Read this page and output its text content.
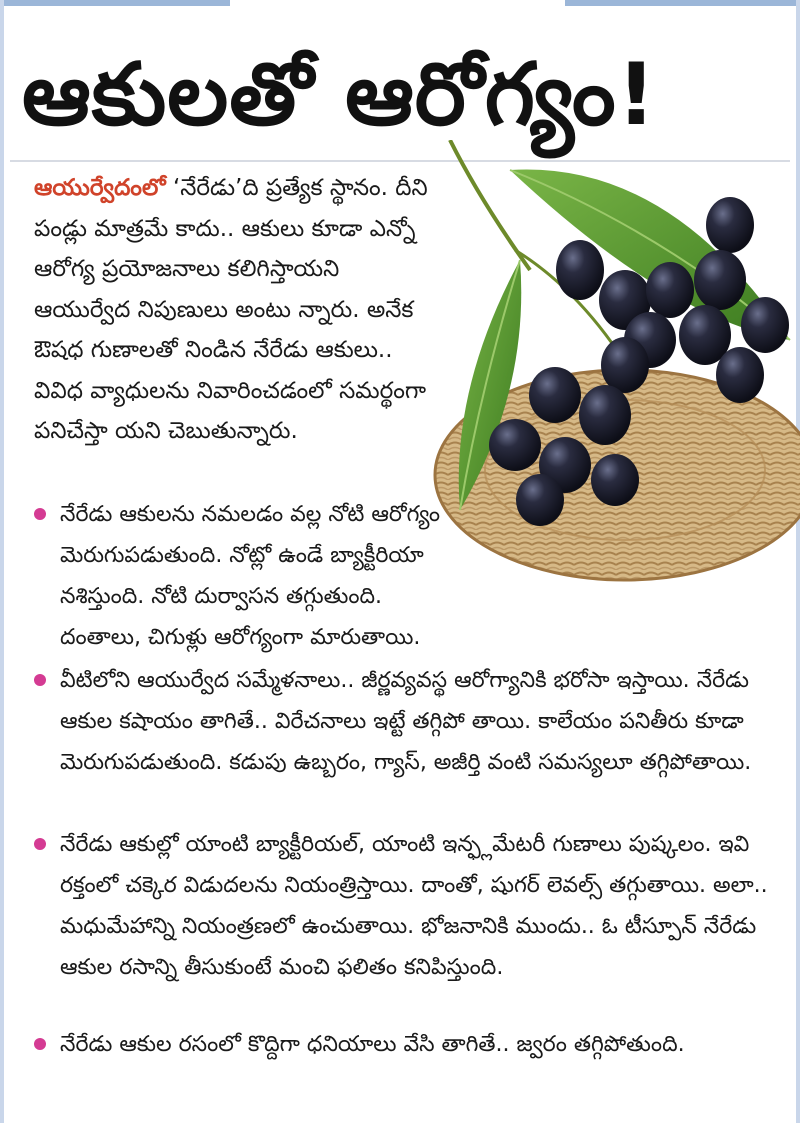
ఆకులతో ఆరోగ్యం!
ఆయుర్వేదంలో ‘నేరేడు’ది ప్రత్యేక స్థానం. దీని పండ్లు మాత్రమే కాదు.. ఆకులు కూడా ఎన్నో ఆరోగ్య ప్రయోజనాలు కలిగిస్తాయని ఆయుర్వేద నిపుణులు అంటు న్నారు. అనేక ఔషధ గుణాలతో నిండిన నేరేడు ఆకులు.. వివిధ వ్యాధులను నివారించడంలో సమర్థంగా పనిచేస్తా యని చెబుతున్నారు.
నేరేడు ఆకులను నమలడం వల్ల నోటి ఆరోగ్యం మెరుగుపడుతుంది. నోట్లో ఉండే బ్యాక్టీరియా నశిస్తుంది. నోటి దుర్వాసన తగ్గుతుంది. దంతాలు, చిగుళ్లు ఆరోగ్యంగా మారుతాయి.
వీటిలోని ఆయుర్వేద సమ్మేళనాలు.. జీర్ణవ్యవస్థ ఆరోగ్యానికి భరోసా ఇస్తాయి. నేరేడు ఆకుల కషాయం తాగితే.. విరేచనాలు ఇట్టే తగ్గిపో తాయి. కాలేయం పనితీరు కూడా మెరుగుపడుతుంది. కడుపు ఉబ్బరం, గ్యాస్, అజీర్తి వంటి సమస్యలూ తగ్గిపోతాయి.
నేరేడు ఆకుల్లో యాంటి బ్యాక్టీరియల్, యాంటి ఇన్ఫ్లమేటరీ గుణాలు పుష్కలం. ఇవి రక్తంలో చక్కెర విడుదలను నియంత్రిస్తాయి. దాంతో, షుగర్ లెవల్స్ తగ్గుతాయి. అలా.. మధుమేహాన్ని నియంత్రణలో ఉంచుతాయి. భోజనానికి ముందు.. ఓ టీస్పూన్ నేరేడు ఆకుల రసాన్ని తీసుకుంటే మంచి ఫలితం కనిపిస్తుంది.
నేరేడు ఆకుల రసంలో కొద్దిగా ధనియాలు వేసి తాగితే.. జ్వరం తగ్గిపోతుంది.
